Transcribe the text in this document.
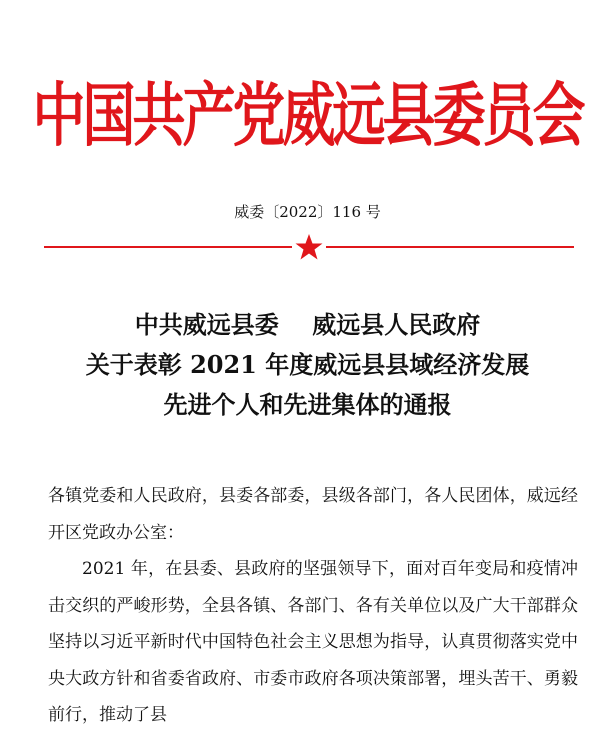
中国共产党威远县委员会
威委〔2022〕116 号
中共威远县委    威远县人民政府
关于表彰 2021 年度威远县县域经济发展
先进个人和先进集体的通报

各镇党委和人民政府，县委各部委，县级各部门，各人民团体，威远经开区党政办公室：

2021 年，在县委、县政府的坚强领导下，面对百年变局和疫情冲击交织的严峻形势，全县各镇、各部门、各有关单位以及广大干部群众坚持以习近平新时代中国特色社会主义思想为指导，认真贯彻落实党中央大政方针和省委省政府、市委市政府各项决策部署，埋头苦干、勇毅前行，推动了县
